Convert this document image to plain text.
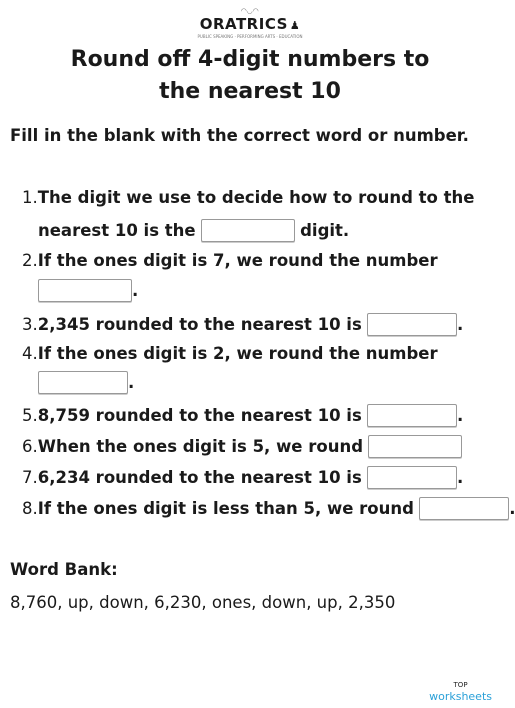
◠◡◠
ORATRICS ♟
PUBLIC SPEAKING · PERFORMING ARTS · EDUCATION
Round off 4-digit numbers to
the nearest 10
Fill in the blank with the correct word or number.
1.The digit we use to decide how to round to the
nearest 10 is the	digit.
2.If the ones digit is 7, we round the number
.
3.2,345 rounded to the nearest 10 is	.
4.If the ones digit is 2, we round the number
.
5.8,759 rounded to the nearest 10 is	.
6.When the ones digit is 5, we round
7.6,234 rounded to the nearest 10 is	.
8.If the ones digit is less than 5, we round	.
Word Bank:
8,760, up, down, 6,230, ones, down, up, 2,350
TOP
worksheets
